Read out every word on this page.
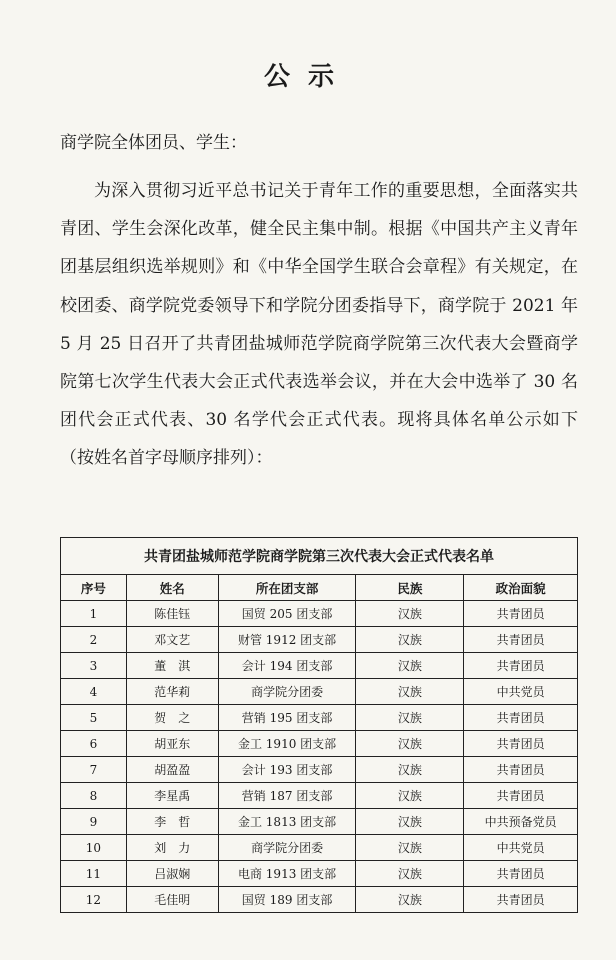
公示
商学院全体团员、学生：
为深入贯彻习近平总书记关于青年工作的重要思想，全面落实共青团、学生会深化改革，健全民主集中制。根据《中国共产主义青年团基层组织选举规则》和《中华全国学生联合会章程》有关规定，在校团委、商学院党委领导下和学院分团委指导下，商学院于 2021 年 5 月 25 日召开了共青团盐城师范学院商学院第三次代表大会暨商学院第七次学生代表大会正式代表选举会议，并在大会中选举了 30 名团代会正式代表、30 名学代会正式代表。现将具体名单公示如下（按姓名首字母顺序排列）：
共青团盐城师范学院商学院第三次代表大会正式代表名单				
序号	姓名	所在团支部	民族	政治面貌
1	陈佳钰	国贸 205 团支部	汉族	共青团员
2	邓文艺	财管 1912 团支部	汉族	共青团员
3	董　淇	会计 194 团支部	汉族	共青团员
4	范华莉	商学院分团委	汉族	中共党员
5	贺　之	营销 195 团支部	汉族	共青团员
6	胡亚东	金工 1910 团支部	汉族	共青团员
7	胡盈盈	会计 193 团支部	汉族	共青团员
8	李星禹	营销 187 团支部	汉族	共青团员
9	李　哲	金工 1813 团支部	汉族	中共预备党员
10	刘　力	商学院分团委	汉族	中共党员
11	吕淑娴	电商 1913 团支部	汉族	共青团员
12	毛佳明	国贸 189 团支部	汉族	共青团员
